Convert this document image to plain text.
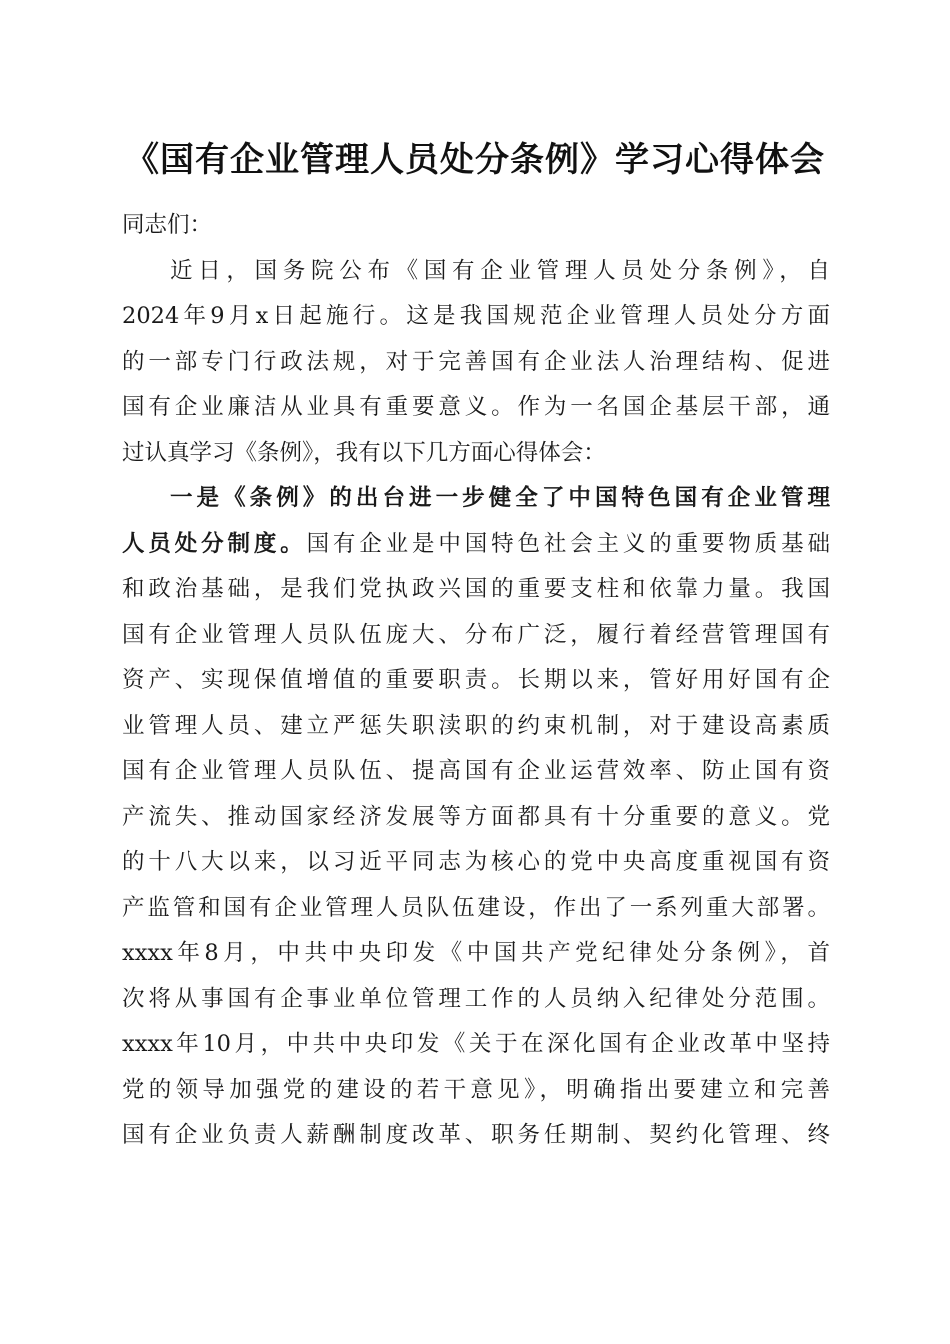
《国有企业管理人员处分条例》学习心得体会
同志们：
近日，国务院公布《国有企业管理人员处分条例》，自
2024年9月x日起施行。这是我国规范企业管理人员处分方面
的一部专门行政法规，对于完善国有企业法人治理结构、促进
国有企业廉洁从业具有重要意义。作为一名国企基层干部，通
过认真学习《条例》，我有以下几方面心得体会：
一是《条例》的出台进一步健全了中国特色国有企业管理
人员处分制度。国有企业是中国特色社会主义的重要物质基础
和政治基础，是我们党执政兴国的重要支柱和依靠力量。我国
国有企业管理人员队伍庞大、分布广泛，履行着经营管理国有
资产、实现保值增值的重要职责。长期以来，管好用好国有企
业管理人员、建立严惩失职渎职的约束机制，对于建设高素质
国有企业管理人员队伍、提高国有企业运营效率、防止国有资
产流失、推动国家经济发展等方面都具有十分重要的意义。党
的十八大以来，以习近平同志为核心的党中央高度重视国有资
产监管和国有企业管理人员队伍建设，作出了一系列重大部署。
xxxx年8月，中共中央印发《中国共产党纪律处分条例》，首
次将从事国有企事业单位管理工作的人员纳入纪律处分范围。
xxxx年10月，中共中央印发《关于在深化国有企业改革中坚持
党的领导加强党的建设的若干意见》，明确指出要建立和完善
国有企业负责人薪酬制度改革、职务任期制、契约化管理、终
